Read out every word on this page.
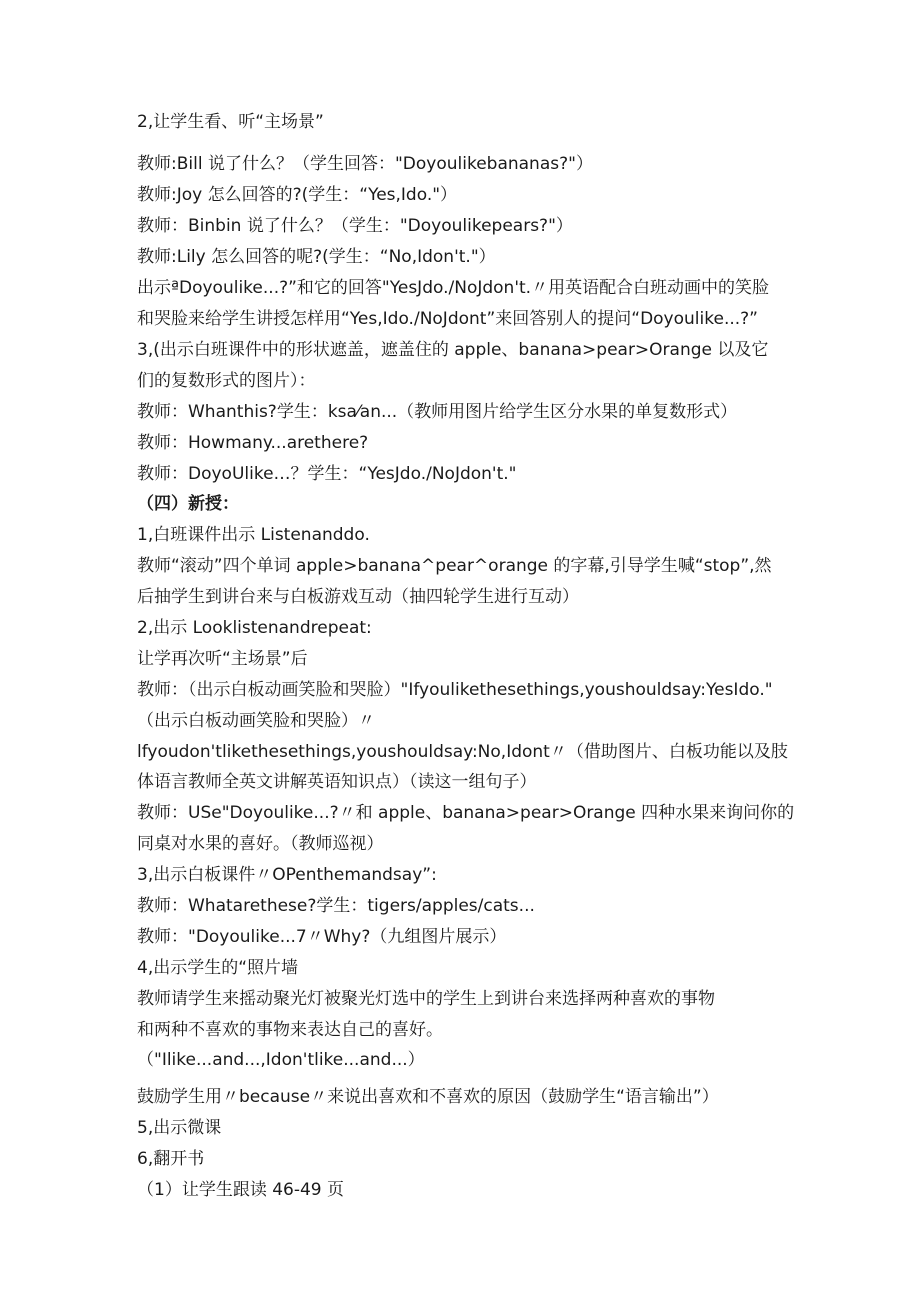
2,让学生看、听“主场景”
教师:Bill 说了什么？（学生回答："Doyoulikebananas?"）
教师:Joy 怎么回答的?(学生：“Yes,Ido."）
教师：Binbin 说了什么？（学生："Doyoulikepears?"）
教师:Lily 怎么回答的呢?(学生：“No,Idon't."）
出示ªDoyoulike...?”和它的回答"YesJdo./NoJdon't.〃用英语配合白班动画中的笑脸
和哭脸来给学生讲授怎样用“Yes,Ido./NoJdont”来回答别人的提问“Doyoulike...?”
3,(出示白班课件中的形状遮盖，遮盖住的 apple、banana>pear>Orange 以及它
们的复数形式的图片）：
教师：Whanthis?学生：ksa⁄an...（教师用图片给学生区分水果的单复数形式）
教师：Howmany...arethere?
教师：DoyoUlike…？学生：“YesJdo./NoJdon't."
（四）新授：
1,白班课件出示 Listenanddo.
教师“滚动”四个单词 apple>banana^pear^orange 的字幕,引导学生喊“stop”,然
后抽学生到讲台来与白板游戏互动（抽四轮学生进行互动）
2,出示 Looklistenandrepeat:
让学再次听“主场景”后
教师：（出示白板动画笑脸和哭脸）"Ifyoulikethesethings,youshouldsay:YesIdo."
（出示白板动画笑脸和哭脸）〃
lfyoudon'tlikethesethings,youshouldsay:No,Idont〃（借助图片、白板功能以及肢
体语言教师全英文讲解英语知识点）（读这一组句子）
教师：USe"Doyoulike...?〃和 apple、banana>pear>Orange 四种水果来询问你的
同桌对水果的喜好。（教师巡视）
3,出示白板课件〃OPenthemandsay”:
教师：Whatarethese?学生：tigers/apples/cats...
教师："Doyoulike...7〃Why?（九组图片展示）
4,出示学生的“照片墙
教师请学生来摇动聚光灯被聚光灯选中的学生上到讲台来选择两种喜欢的事物
和两种不喜欢的事物来表达自己的喜好。
（"Ilike...and...,Idon'tlike...and...）
鼓励学生用〃because〃来说出喜欢和不喜欢的原因（鼓励学生“语言输出”）
5,出示微课
6,翻开书
（1）让学生跟读 46-49 页
